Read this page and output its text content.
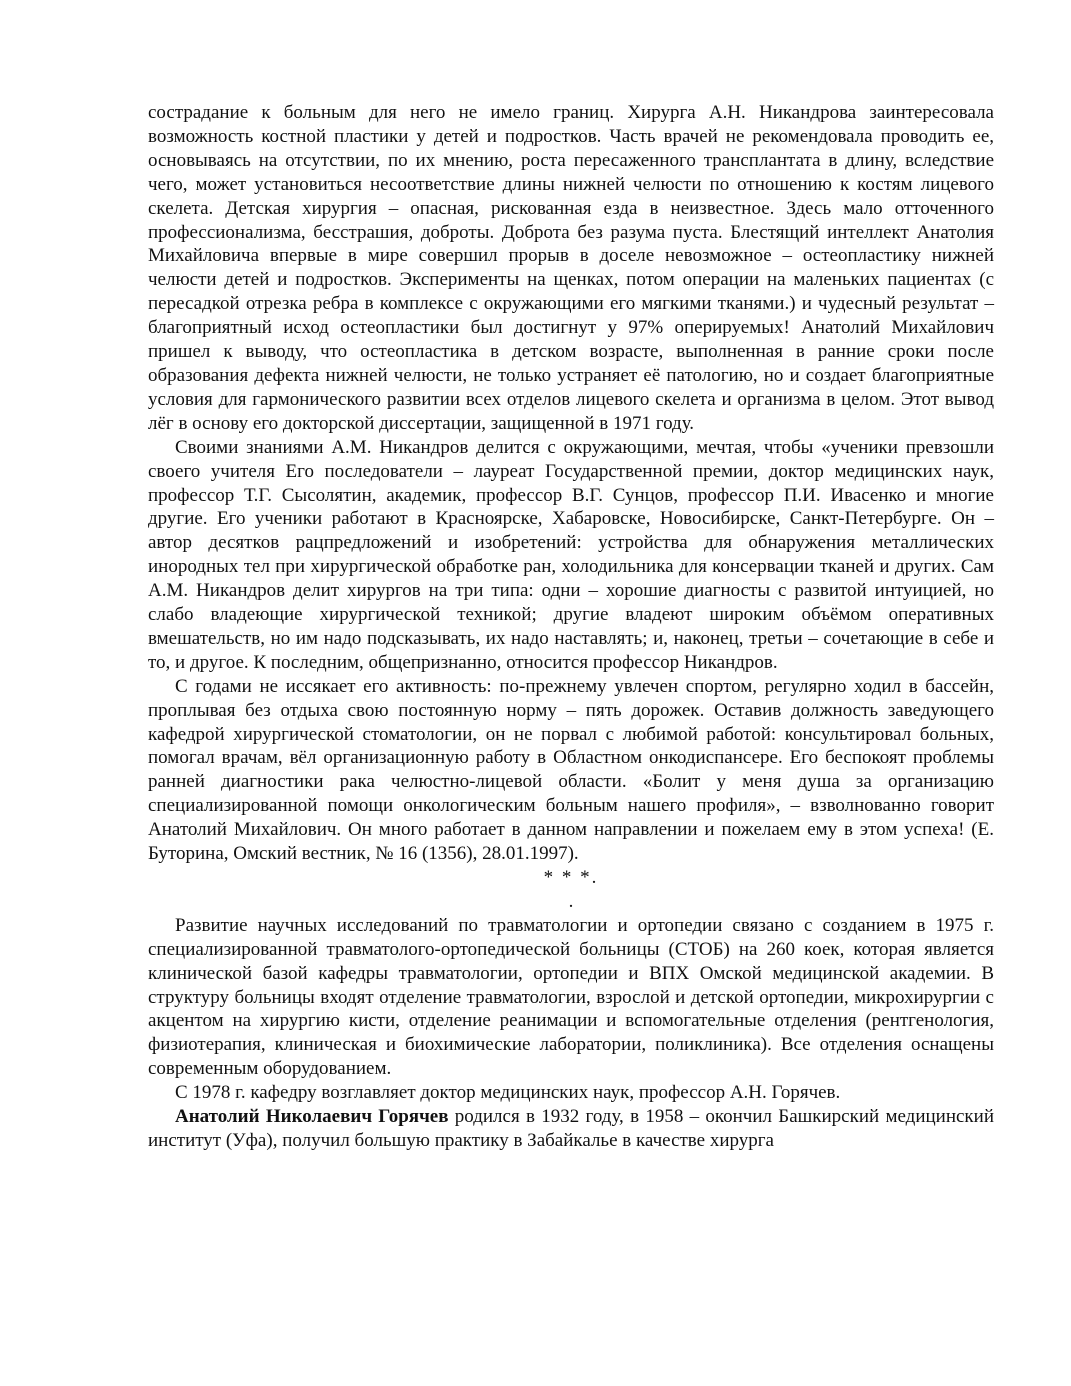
сострадание к больным для него не имело границ. Хирурга А.Н. Никандрова заинтересовала возможность костной пластики у детей и подростков. Часть врачей не рекомендовала проводить ее, основываясь на отсутствии, по их мнению, роста пересаженного трансплантата в длину, вследствие чего, может установиться несоответствие длины нижней челюсти по отношению к костям лицевого скелета. Детская хирургия – опасная, рискованная езда в неизвестное. Здесь мало отточенного профессионализма, бесстрашия, доброты. Доброта без разума пуста. Блестящий интеллект Анатолия Михайловича впервые в мире совершил прорыв в доселе невозможное – остеопластику нижней челюсти детей и подростков. Эксперименты на щенках, потом операции на маленьких пациентах (с пересадкой отрезка ребра в комплексе с окружающими его мягкими тканями.) и чудесный результат – благоприятный исход остеопластики был достигнут у 97% оперируемых! Анатолий Михайлович пришел к выводу, что остеопластика в детском возрасте, выполненная в ранние сроки после образования дефекта нижней челюсти, не только устраняет её патологию, но и создает благоприятные условия для гармонического развитии всех отделов лицевого скелета и организма в целом. Этот вывод лёг в основу его докторской диссертации, защищенной в 1971 году.

Своими знаниями А.М. Никандров делится с окружающими, мечтая, чтобы «ученики превзошли своего учителя Его последователи – лауреат Государственной премии, доктор медицинских наук, профессор Т.Г. Сысолятин, академик, профессор В.Г. Сунцов, профессор П.И. Ивасенко и многие другие. Его ученики работают в Красноярске, Хабаровске, Новосибирске, Санкт-Петербурге. Он – автор десятков рацпредложений и изобретений: устройства для обнаружения металлических инородных тел при хирургической обработке ран, холодильника для консервации тканей и других. Сам А.М. Никандров делит хирургов на три типа: одни – хорошие диагносты с развитой интуицией, но слабо владеющие хирургической техникой; другие владеют широким объёмом оперативных вмешательств, но им надо подсказывать, их надо наставлять; и, наконец, третьи – сочетающие в себе и то, и другое. К последним, общепризнанно, относится профессор Никандров.

С годами не иссякает его активность: по-прежнему увлечен спортом, регулярно ходил в бассейн, проплывая без отдыха свою постоянную норму – пять дорожек. Оставив должность заведующего кафедрой хирургической стоматологии, он не порвал с любимой работой: консультировал больных, помогал врачам, вёл организационную работу в Областном онкодиспансере. Его беспокоят проблемы ранней диагностики рака челюстно-лицевой области. «Болит у меня душа за организацию специализированной помощи онкологическим больным нашего профиля», – взволнованно говорит Анатолий Михайлович. Он много работает в данном направлении и пожелаем ему в этом успеха! (Е. Буторина, Омский вестник, № 16 (1356), 28.01.1997).

* * *.

.

Развитие научных исследований по травматологии и ортопедии связано с созданием в 1975 г. специализированной травматолого-ортопедической больницы (СТОБ) на 260 коек, которая является клинической базой кафедры травматологии, ортопедии и ВПХ Омской медицинской академии. В структуру больницы входят отделение травматологии, взрослой и детской ортопедии, микрохирургии с акцентом на хирургию кисти, отделение реанимации и вспомогательные отделения (рентгенология, физиотерапия, клиническая и биохимические лаборатории, поликлиника). Все отделения оснащены современным оборудованием.

С 1978 г. кафедру возглавляет доктор медицинских наук, профессор А.Н. Горячев.

Анатолий Николаевич Горячев родился в 1932 году, в 1958 – окончил Башкирский медицинский институт (Уфа), получил большую практику в Забайкалье в качестве хирурга
